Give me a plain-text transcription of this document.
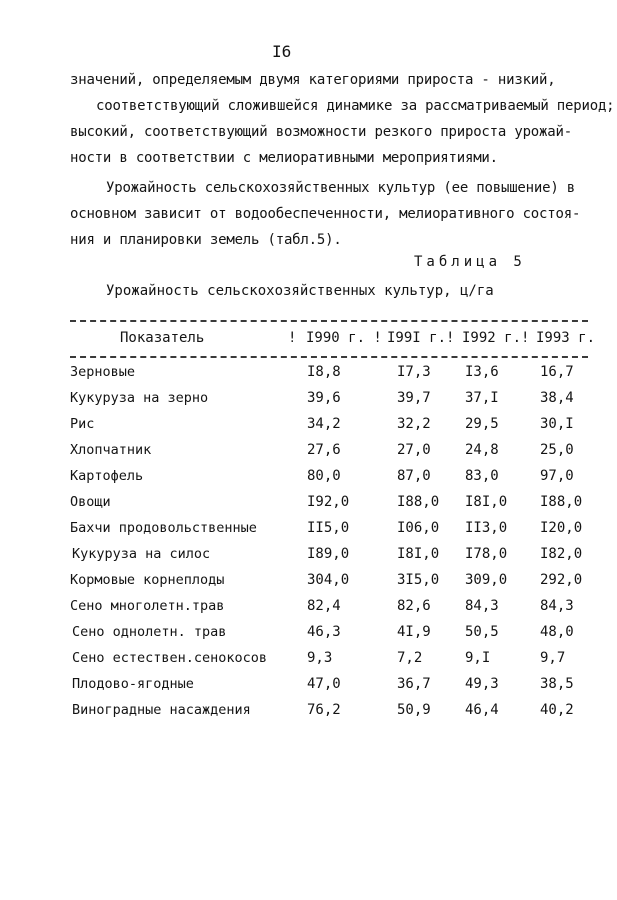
I6
значений, определяемым двумя категориями прироста - низкий,
соответствующий сложившейся динамике за рассматриваемый период;
высокий, соответствующий возможности резкого прироста урожай-
ности в соответствии с мелиоративными мероприятиями.
Урожайность сельскохозяйственных культур (ее повышение) в
основном зависит от водообеспеченности, мелиоративного состоя-
ния и планировки земель (табл.5).
Таблица 5
Урожайность сельскохозяйственных культур, ц/га
Показатель	! I990 г. ! I99I г.! I992 г.! I993 г.
Зерновые	I8,8	I7,3 I3,6	16,7
Кукуруза на зерно	39,6	39,7 37,I	38,4
Рис	34,2	32,2 29,5	30,I
Хлопчатник	27,6	27,0 24,8	25,0
Картофель	80,0	87,0 83,0	97,0
Овощи	I92,0	I88,0 I8I,0 I88,0
Бахчи продовольственные	II5,0	I06,0 II3,0 I20,0
Кукуруза на силос	I89,0	I8I,0 I78,0 I82,0
Кормовые корнеплоды	304,0	3I5,0 309,0 292,0
Сено многолетн.трав	82,4	82,6 84,3	84,3
Сено однолетн. трав	46,3	4I,9 50,5	48,0
Сено естествен.сенокосов	9,3	7,2	9,I	9,7
Плодово-ягодные	47,0	36,7 49,3	38,5
Виноградные насаждения	76,2	50,9 46,4	40,2
